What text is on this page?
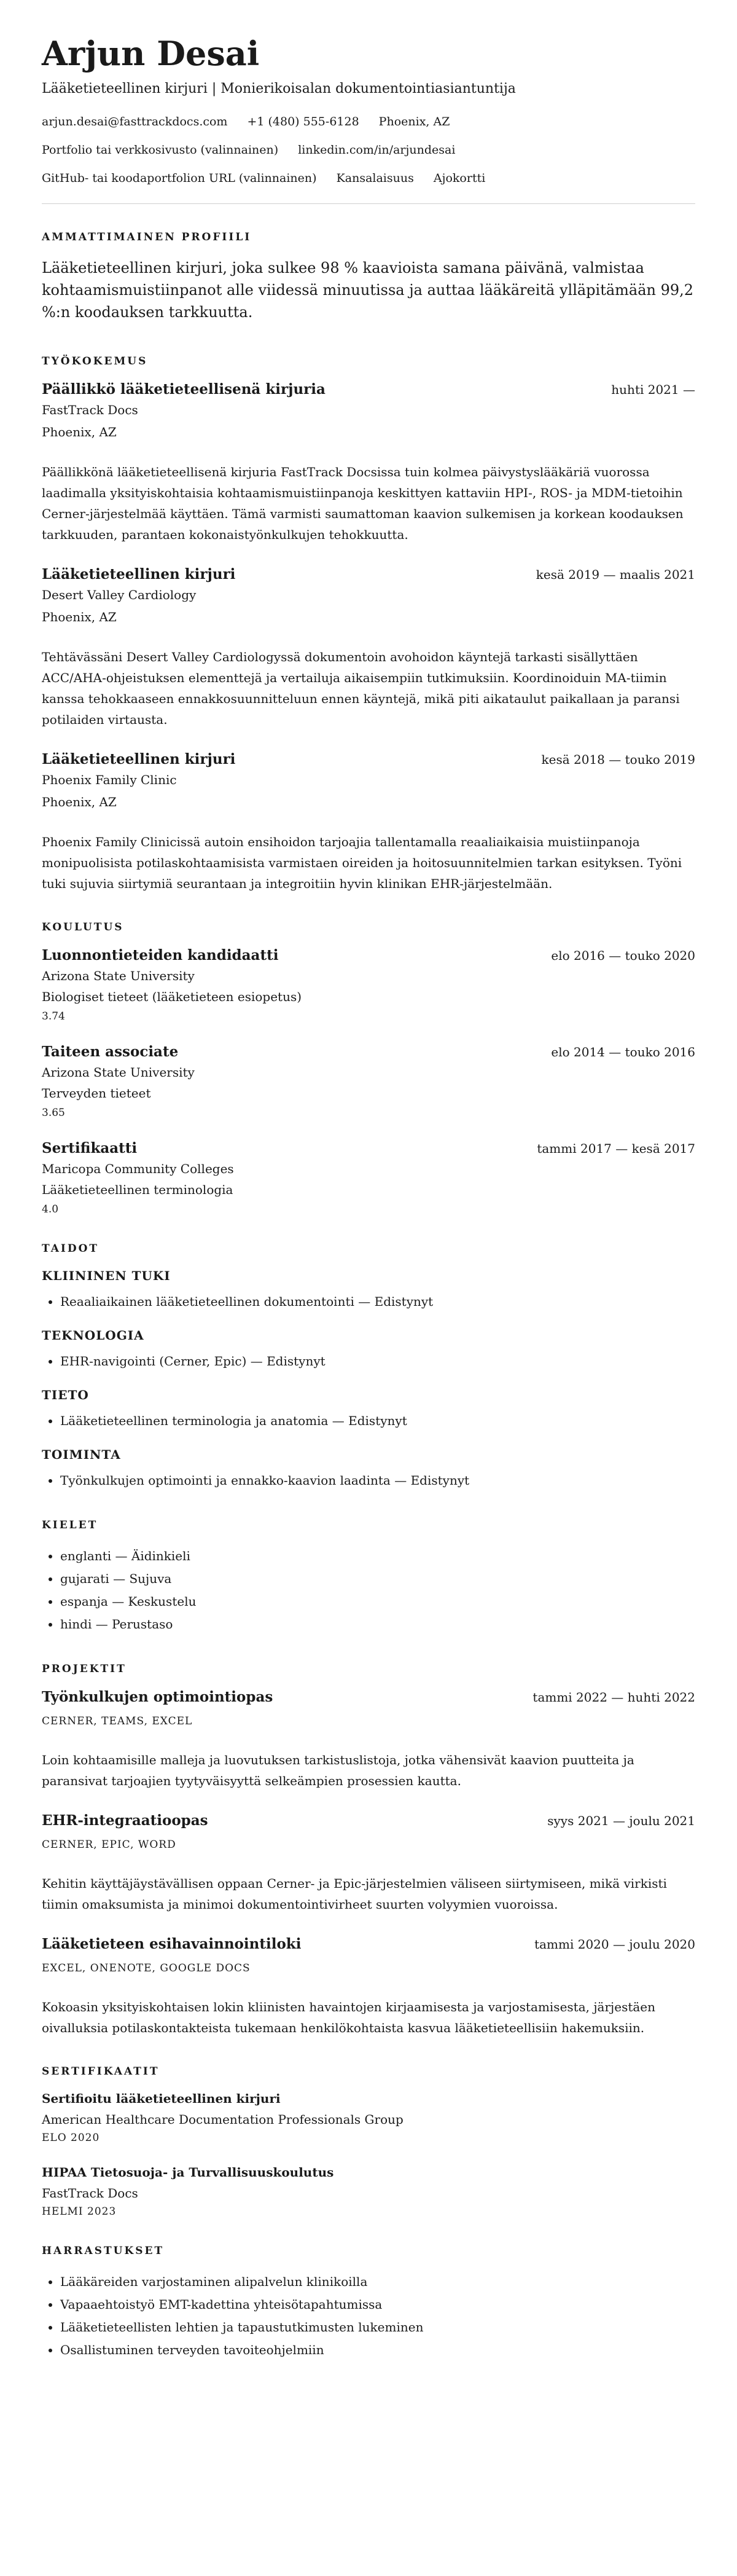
Arjun Desai
Lääketieteellinen kirjuri | Monierikoisalan dokumentointiasiantuntija
arjun.desai@fasttrackdocs.com +1 (480) 555-6128 Phoenix, AZ
Portfolio tai verkkosivusto (valinnainen) linkedin.com/in/arjundesai
GitHub- tai koodaportfolion URL (valinnainen) Kansalaisuus Ajokortti
AMMATTIMAINEN PROFIILI
Lääketieteellinen kirjuri, joka sulkee 98 % kaavioista samana päivänä, valmistaa kohtaamismuistiinpanot alle viidessä minuutissa ja auttaa lääkäreitä ylläpitämään 99,2 %:n koodauksen tarkkuutta.
TYÖKOKEMUS
Päällikkö lääketieteellisenä kirjuria	huhti 2021 —
FastTrack Docs
Phoenix, AZ
Päällikkönä lääketieteellisenä kirjuria FastTrack Docsissa tuin kolmea päivystyslääkäriä vuorossa laadimalla yksityiskohtaisia kohtaamismuistiinpanoja keskittyen kattaviin HPI-, ROS- ja MDM-tietoihin Cerner-järjestelmää käyttäen. Tämä varmisti saumattoman kaavion sulkemisen ja korkean koodauksen tarkkuuden, parantaen kokonaistyönkulkujen tehokkuutta.
Lääketieteellinen kirjuri	kesä 2019 — maalis 2021
Desert Valley Cardiology
Phoenix, AZ
Tehtävässäni Desert Valley Cardiologyssä dokumentoin avohoidon käyntejä tarkasti sisällyttäen ACC/AHA-ohjeistuksen elementtejä ja vertailuja aikaisempiin tutkimuksiin. Koordinoiduin MA-tiimin kanssa tehokkaaseen ennakkosuunnitteluun ennen käyntejä, mikä piti aikataulut paikallaan ja paransi potilaiden virtausta.
Lääketieteellinen kirjuri	kesä 2018 — touko 2019
Phoenix Family Clinic
Phoenix, AZ
Phoenix Family Clinicissä autoin ensihoidon tarjoajia tallentamalla reaaliaikaisia muistiinpanoja monipuolisista potilaskohtaamisista varmistaen oireiden ja hoitosuunnitelmien tarkan esityksen. Työni tuki sujuvia siirtymiä seurantaan ja integroitiin hyvin klinikan EHR-järjestelmään.
KOULUTUS
Luonnontieteiden kandidaatti	elo 2016 — touko 2020
Arizona State University
Biologiset tieteet (lääketieteen esiopetus)
3.74
Taiteen associate	elo 2014 — touko 2016
Arizona State University
Terveyden tieteet
3.65
Sertifikaatti	tammi 2017 — kesä 2017
Maricopa Community Colleges
Lääketieteellinen terminologia
4.0
TAIDOT
KLIININEN TUKI
• Reaaliaikainen lääketieteellinen dokumentointi — Edistynyt
TEKNOLOGIA
• EHR-navigointi (Cerner, Epic) — Edistynyt
TIETO
• Lääketieteellinen terminologia ja anatomia — Edistynyt
TOIMINTA
• Työnkulkujen optimointi ja ennakko-kaavion laadinta — Edistynyt
KIELET
• englanti — Äidinkieli
• gujarati — Sujuva
• espanja — Keskustelu
• hindi — Perustaso
PROJEKTIT
Työnkulkujen optimointiopas	tammi 2022 — huhti 2022
CERNER, TEAMS, EXCEL
Loin kohtaamisille malleja ja luovutuksen tarkistuslistoja, jotka vähensivät kaavion puutteita ja paransivat tarjoajien tyytyväisyyttä selkeämpien prosessien kautta.
EHR-integraatioopas	syys 2021 — joulu 2021
CERNER, EPIC, WORD
Kehitin käyttäjäystävällisen oppaan Cerner- ja Epic-järjestelmien väliseen siirtymiseen, mikä virkisti tiimin omaksumista ja minimoi dokumentointivirheet suurten volyymien vuoroissa.
Lääketieteen esihavainnointiloki	tammi 2020 — joulu 2020
EXCEL, ONENOTE, GOOGLE DOCS
Kokoasin yksityiskohtaisen lokin kliinisten havaintojen kirjaamisesta ja varjostamisesta, järjestäen oivalluksia potilaskontakteista tukemaan henkilökohtaista kasvua lääketieteellisiin hakemuksiin.
SERTIFIKAATIT
Sertifioitu lääketieteellinen kirjuri
American Healthcare Documentation Professionals Group
ELO 2020
HIPAA Tietosuoja- ja Turvallisuuskoulutus
FastTrack Docs
HELMI 2023
HARRASTUKSET
• Lääkäreiden varjostaminen alipalvelun klinikoilla
• Vapaaehtoistyö EMT-kadettina yhteisötapahtumissa
• Lääketieteellisten lehtien ja tapaustutkimusten lukeminen
• Osallistuminen terveyden tavoiteohjelmiin
